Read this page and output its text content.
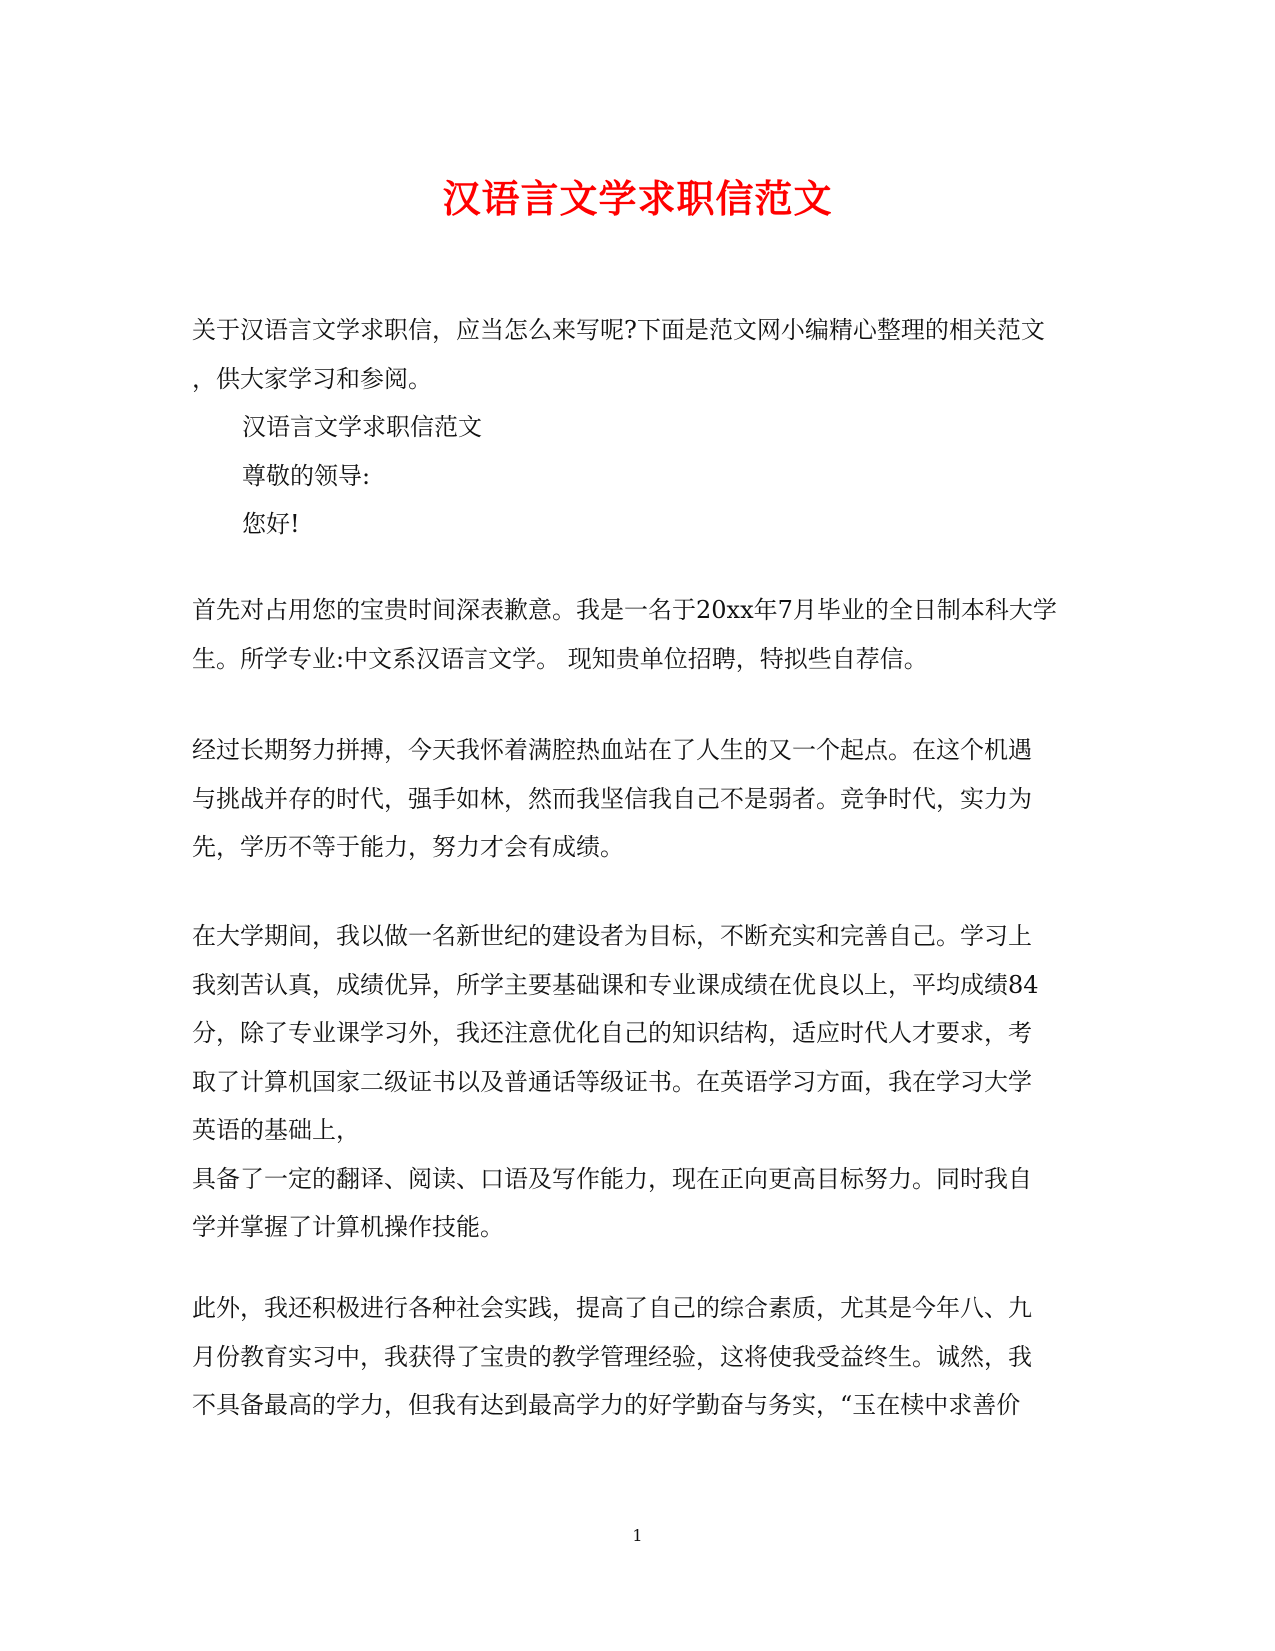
汉语言文学求职信范文
关于汉语言文学求职信，应当怎么来写呢?下面是范文网小编精心整理的相关范文
，供大家学习和参阅。
汉语言文学求职信范文
尊敬的领导:
您好!
首先对占用您的宝贵时间深表歉意。我是一名于20xx年7月毕业的全日制本科大学
生。所学专业:中文系汉语言文学。 现知贵单位招聘，特拟些自荐信。
经过长期努力拼搏，今天我怀着满腔热血站在了人生的又一个起点。在这个机遇
与挑战并存的时代，强手如林，然而我坚信我自己不是弱者。竞争时代，实力为
先，学历不等于能力，努力才会有成绩。
在大学期间，我以做一名新世纪的建设者为目标，不断充实和完善自己。学习上
我刻苦认真，成绩优异，所学主要基础课和专业课成绩在优良以上，平均成绩84
分，除了专业课学习外，我还注意优化自己的知识结构，适应时代人才要求，考
取了计算机国家二级证书以及普通话等级证书。在英语学习方面，我在学习大学
英语的基础上，
具备了一定的翻译、阅读、口语及写作能力，现在正向更高目标努力。同时我自
学并掌握了计算机操作技能。
此外，我还积极进行各种社会实践，提高了自己的综合素质，尤其是今年八、九
月份教育实习中，我获得了宝贵的教学管理经验，这将使我受益终生。诚然，我
不具备最高的学力，但我有达到最高学力的好学勤奋与务实，“玉在椟中求善价
1
